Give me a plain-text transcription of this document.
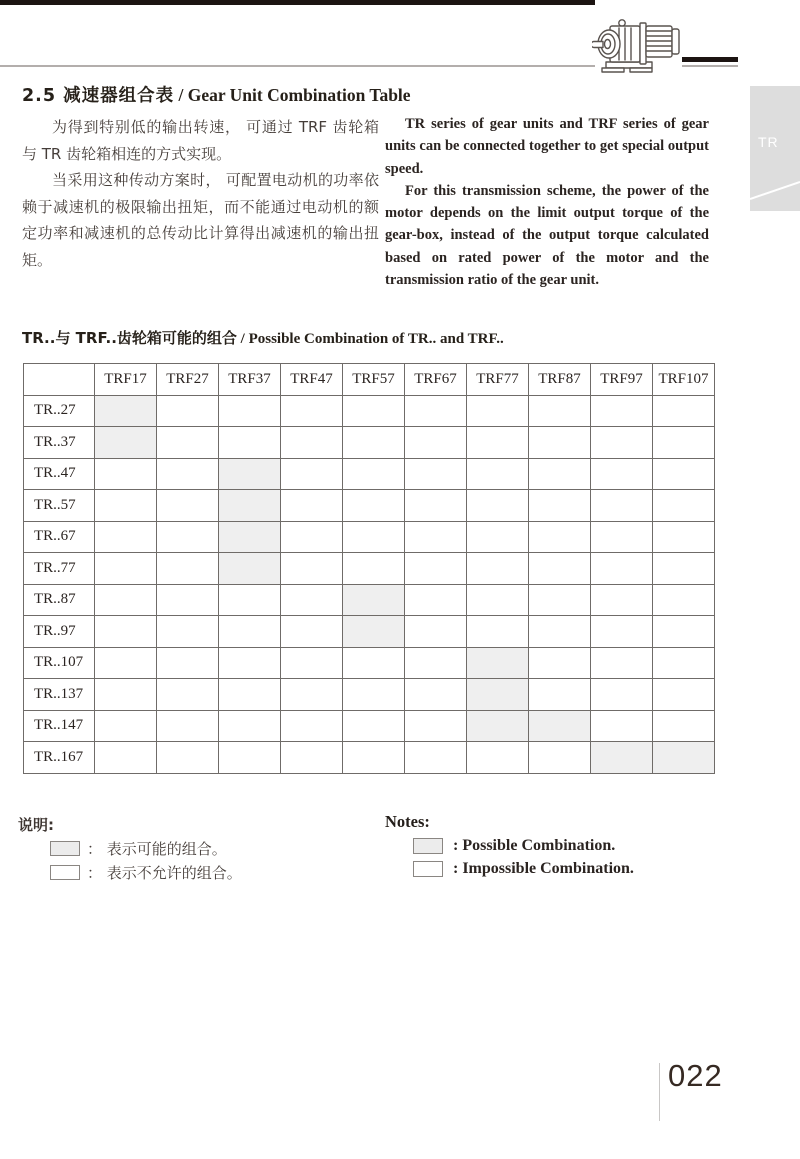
TR
2.5 减速器组合表 / Gear Unit Combination Table

为得到特别低的输出转速， 可通过 TRF 齿轮箱与 TR 齿轮箱相连的方式实现。

当采用这种传动方案时， 可配置电动机的功率依赖于减速机的极限输出扭矩，而不能通过电动机的额定功率和减速机的总传动比计算得出减速机的输出扭矩。

TR series of gear units and TRF series of gear units can be connected together to get special output speed.

For this transmission scheme, the power of the motor depends on the limit output torque of the gear-box, instead of the output torque calculated based on rated power of the motor and the transmission ratio of the gear unit.

TR..与 TRF..齿轮箱可能的组合 / Possible Combination of TR.. and TRF..
	TRF17	TRF27	TRF37	TRF47	TRF57	TRF67	TRF77	TRF87	TRF97	TRF107
TR..27										
TR..37										
TR..47										
TR..57										
TR..67										
TR..77										
TR..87										
TR..97										
TR..107										
TR..137										
TR..147										
TR..167										
说明:
： 表示可能的组合。
： 表示不允许的组合。
Notes:
: Possible Combination.
: Impossible Combination.
022
